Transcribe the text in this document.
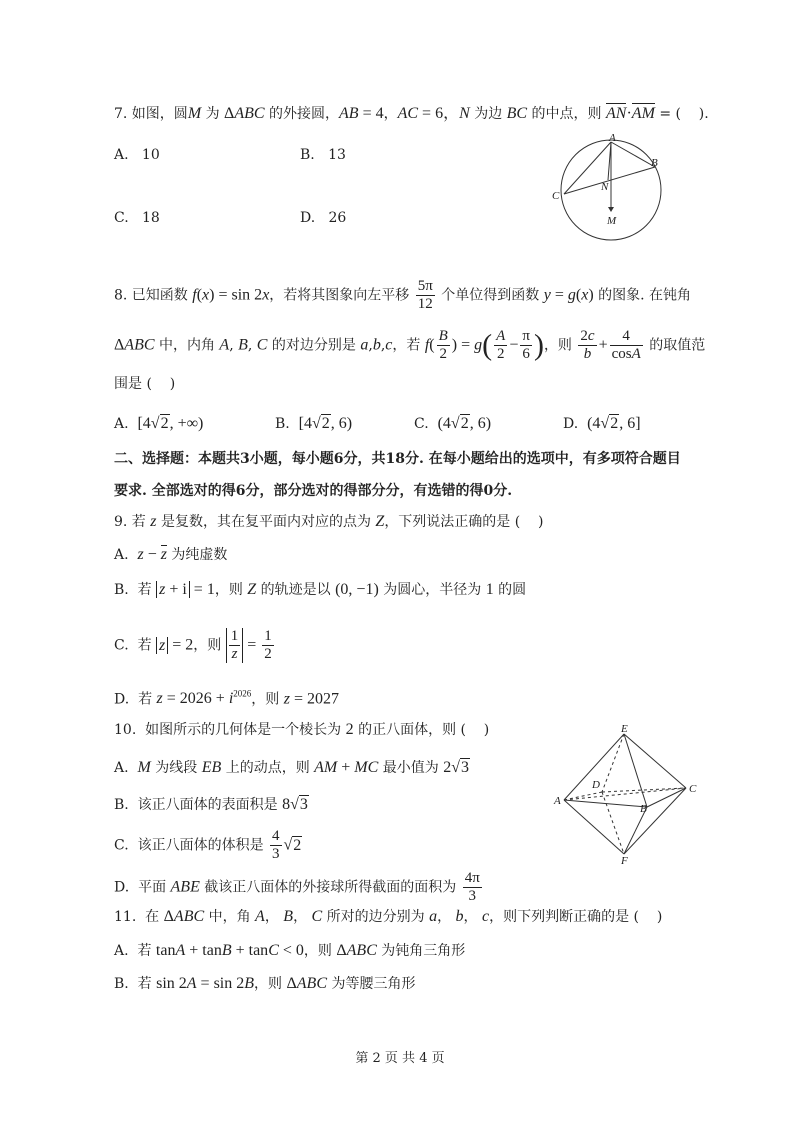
7. 如图，圆M 为 ΔABC 的外接圆，AB = 4，AC = 6，N 为边 BC 的中点，则 AN·AM = (    ).
A.   10	B.   13
C.   18	D.   26
A
B
C
N
M
8. 已知函数 f(x) = sin 2x，若将其图象向左平移 $\frac{5\pi}{12}$ 个单位得到函数 y = g(x) 的图象. 在钝角
ΔABC 中，内角 A, B, C 的对边分别是 a,b,c，若 $f( \frac{B}{2}$ ) = $g( \frac{A}{2} - \frac{\pi}{6}$ )，则 $\frac{2c}{b} + \frac{4}{\cos A}$ 的取值范
围是 (    )
A.  [4√2, +∞)	B.  [4√2, 6)	C.  (4√2, 6)	D.  (4√2, 6]
二、选择题：本题共3小题，每小题6分，共18分. 在每小题给出的选项中，有多项符合题目
要求. 全部选对的得6分，部分选对的得部分分，有选错的得0分.
9. 若 z 是复数，其在复平面内对应的点为 Z，下列说法正确的是 (    )
A.  z − z 为纯虚数
B.  若 z + i = 1，则 Z 的轨迹是以 (0, −1) 为圆心，半径为 1 的圆
C.  若 z = 2，则 $\frac{1}{z} = \frac{1}{2}$
D.  若 $z = 2026 + i^{2026}$，则 z = 2027
10.  如图所示的几何体是一个棱长为 2 的正八面体，则 (    )
A.  M 为线段 EB 上的动点，则 AM + MC 最小值为 2√3
B.  该正八面体的表面积是 8√3
C.  该正八面体的体积是 $\frac{4}{3} √2$
D.  平面 ABE 截该正八面体的外接球所得截面的面积为 $\frac{4\pi}{3}$
E
D
A
B
C
F
11.  在 ΔABC 中，角 A， B， C 所对的边分别为 a， b， c，则下列判断正确的是 (    )
A.  若 tanA + tanB + tanC < 0，则 ΔABC 为钝角三角形
B.  若 sin 2A = sin 2B，则 ΔABC 为等腰三角形
第 2 页 共 4 页
